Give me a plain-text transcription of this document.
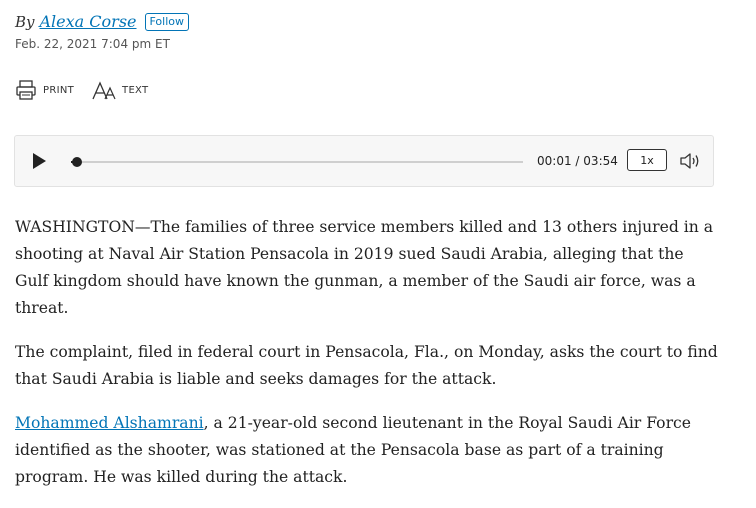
By Alexa Corse	Follow
Feb. 22, 2021 7:04 pm ET
PRINT	TEXT
00:01 / 03:54	1x

WASHINGTON—The families of three service members killed and 13 others injured in a shooting at Naval Air Station Pensacola in 2019 sued Saudi Arabia, alleging that the Gulf kingdom should have known the gunman, a member of the Saudi air force, was a threat.

The complaint, filed in federal court in Pensacola, Fla., on Monday, asks the court to find that Saudi Arabia is liable and seeks damages for the attack.

Mohammed Alshamrani, a 21-year-old second lieutenant in the Royal Saudi Air Force identified as the shooter, was stationed at the Pensacola base as part of a training program. He was killed during the attack.
